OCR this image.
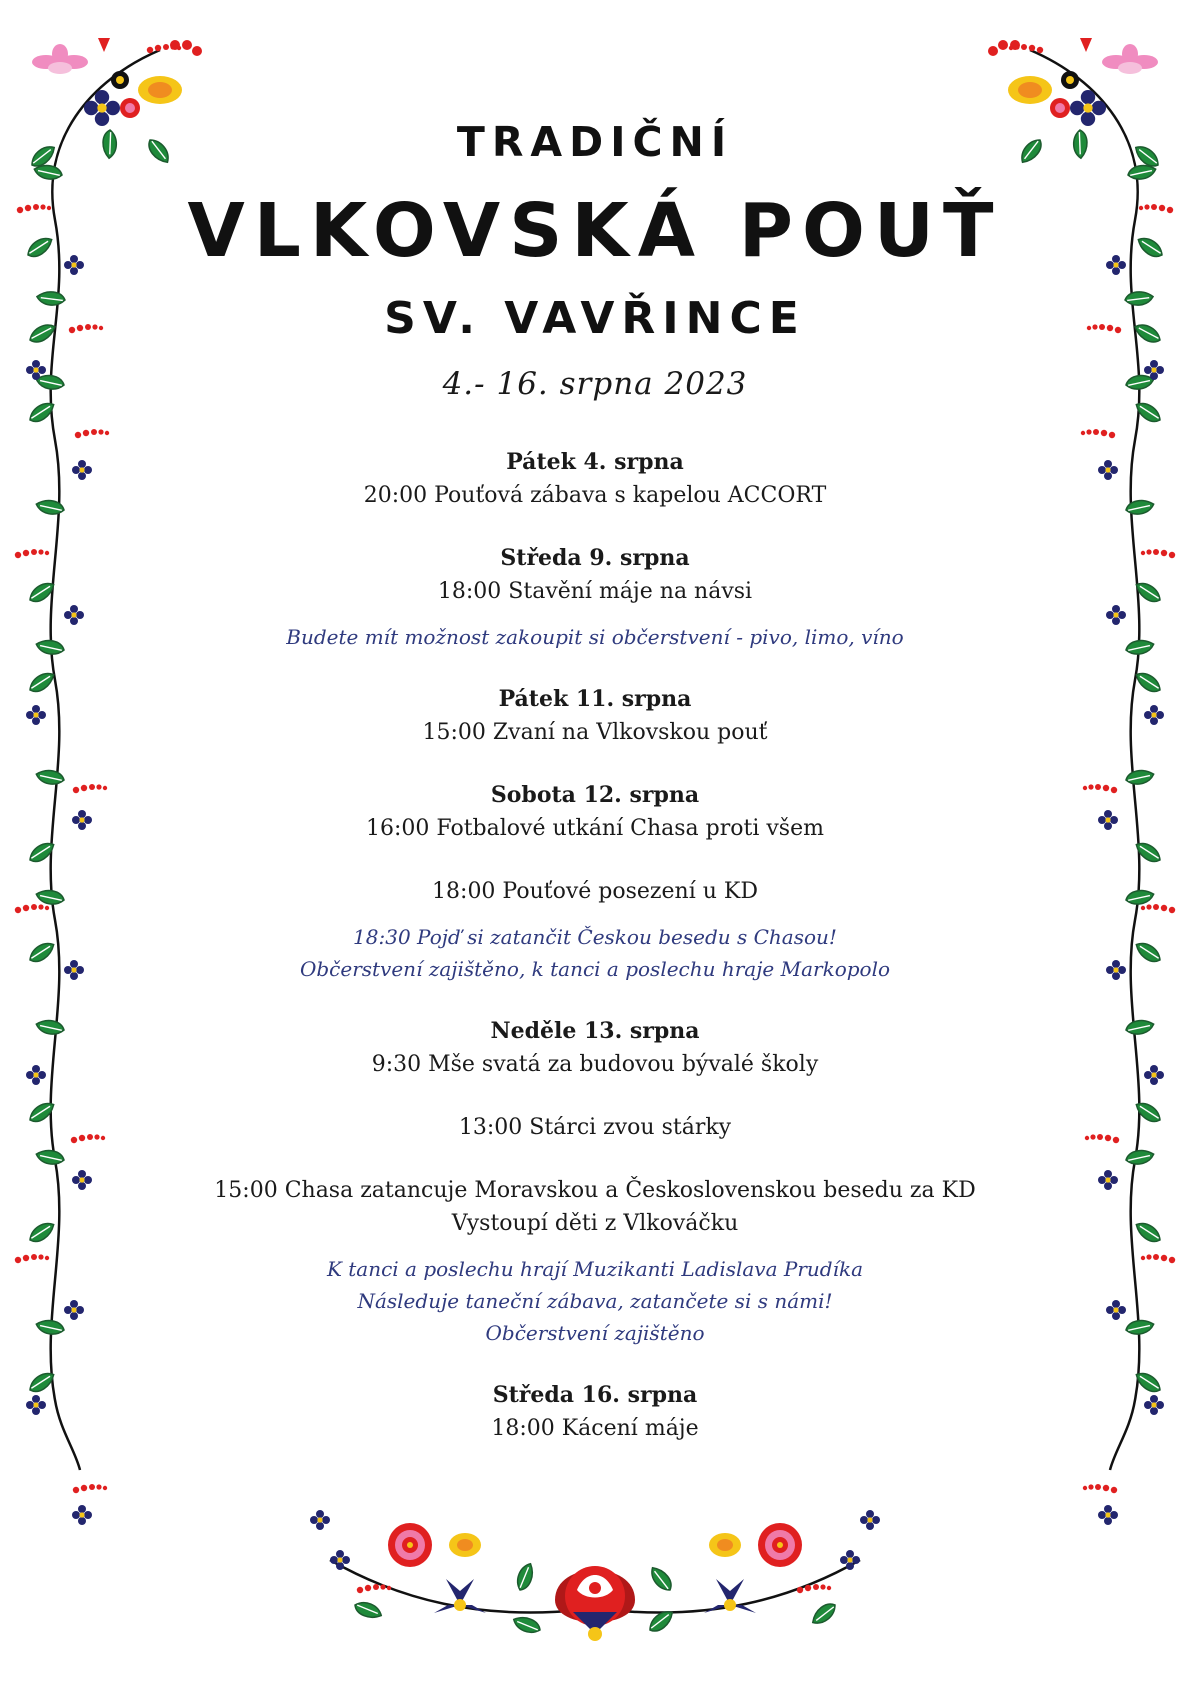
TRADIČNÍ
VLKOVSKÁ POUŤ
SV. VAVŘINCE
4.- 16. srpna 2023
Pátek 4. srpna
20:00 Pouťová zábava s kapelou ACCORT
Středa 9. srpna
18:00 Stavění máje na návsi
Budete mít možnost zakoupit si občerstvení - pivo, limo, víno
Pátek 11. srpna
15:00 Zvaní na Vlkovskou pouť
Sobota 12. srpna
16:00 Fotbalové utkání Chasa proti všem
18:00 Pouťové posezení u KD
18:30 Pojď si zatančit Českou besedu s Chasou!
Občerstvení zajištěno, k tanci a poslechu hraje Markopolo
Neděle 13. srpna
9:30 Mše svatá za budovou bývalé školy
13:00 Stárci zvou stárky
15:00 Chasa zatancuje Moravskou a Československou besedu za KD
Vystoupí děti z Vlkováčku
K tanci a poslechu hrají Muzikanti Ladislava Prudíka
Následuje taneční zábava, zatančete si s námi!
Občerstvení zajištěno
Středa 16. srpna
18:00 Kácení máje
